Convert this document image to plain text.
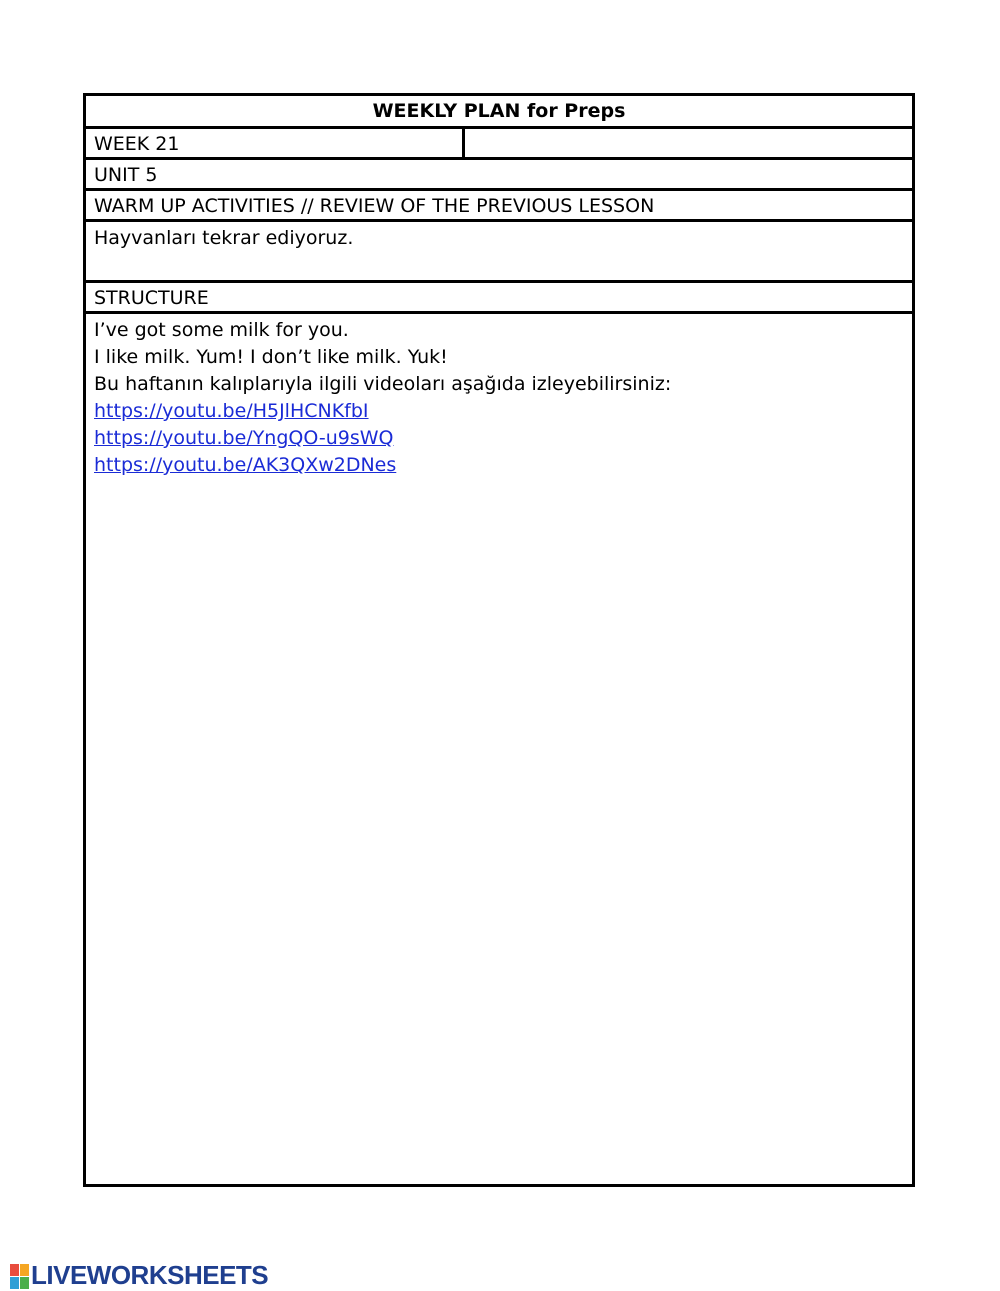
WEEKLY PLAN for Preps
WEEK 21
UNIT 5
WARM UP ACTIVITIES // REVIEW OF THE PREVIOUS LESSON
Hayvanları tekrar ediyoruz.
STRUCTURE
I’ve got some milk for you.
I like milk. Yum! I don’t like milk. Yuk!
Bu haftanın kalıplarıyla ilgili videoları aşağıda izleyebilirsiniz:
https://youtu.be/H5JlHCNKfbI
https://youtu.be/YngQO-u9sWQ
https://youtu.be/AK3QXw2DNes
LIVEWORKSHEETS
